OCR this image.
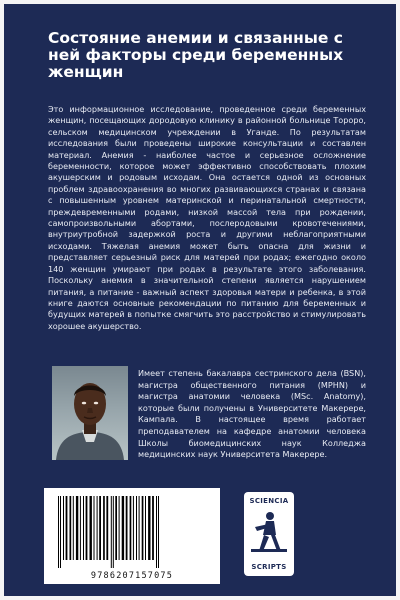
Состояние анемии и связанные с ней факторы среди беременных женщин

Это информационное исследование, проведенное среди беременных женщин, посещающих дородовую клинику в районной больнице Тороро, сельском медицинском учреждении в Уганде. По результатам исследования были проведены широкие консультации и составлен материал. Анемия - наиболее частое и серьезное осложнение беременности, которое может эффективно способствовать плохим акушерским и родовым исходам. Она остается одной из основных проблем здравоохранения во многих развивающихся странах и связана с повышенным уровнем материнской и перинатальной смертности, преждевременными родами, низкой массой тела при рождении, самопроизвольными абортами, послеродовыми кровотечениями, внутриутробной задержкой роста и другими неблагоприятными исходами. Тяжелая анемия может быть опасна для жизни и представляет серьезный риск для матерей при родах; ежегодно около 140 женщин умирают при родах в результате этого заболевания. Поскольку анемия в значительной степени является нарушением питания, а питание - важный аспект здоровья матери и ребенка, в этой книге даются основные рекомендации по питанию для беременных и будущих матерей в попытке смягчить это расстройство и стимулировать хорошее акушерство.

Имеет степень бакалавра сестринского дела (BSN), магистра общественного питания (MPHN) и магистра анатомии человека (MSc. Anatomy), которые были получены в Университете Макерере, Кампала. В настоящее время работает преподавателем на кафедре анатомии человека Школы биомедицинских наук Колледжа медицинских наук Университета Макерере.

9786207157075
SCIENCIA
SCRIPTS
